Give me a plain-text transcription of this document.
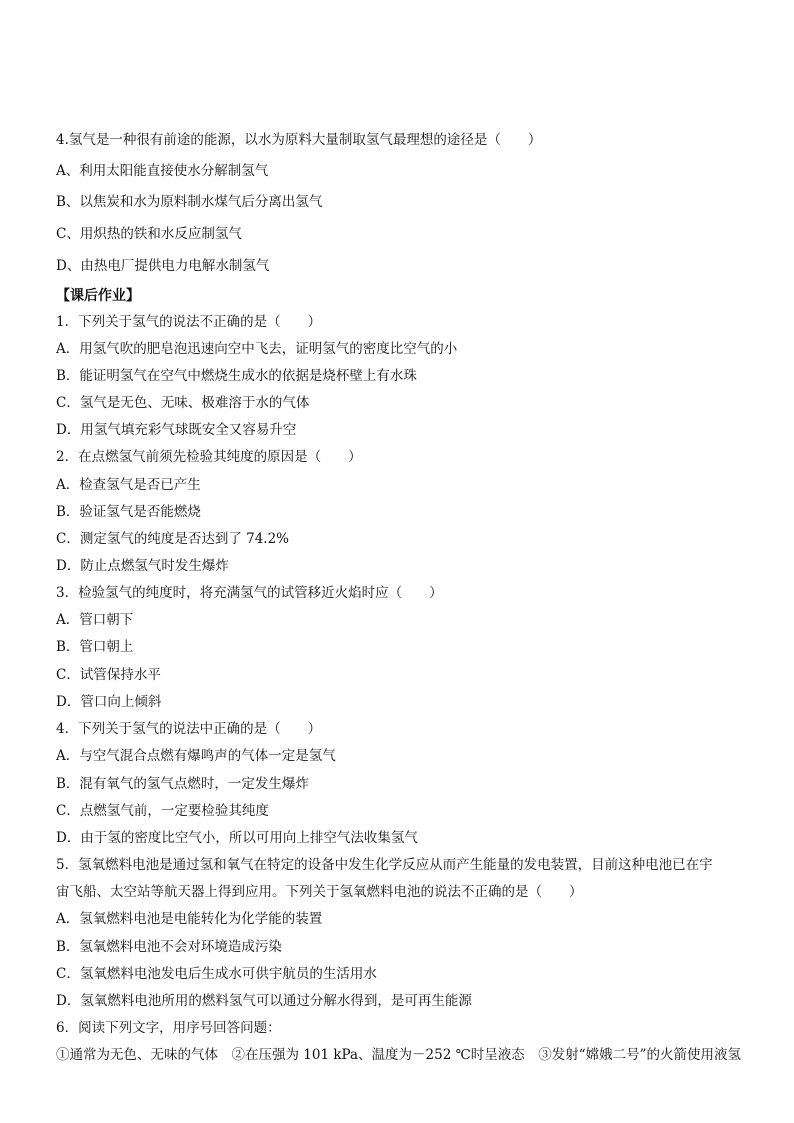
4.氢气是一种很有前途的能源，以水为原料大量制取氢气最理想的途径是（　　）
A、利用太阳能直接使水分解制氢气
B、以焦炭和水为原料制水煤气后分离出氢气
C、用炽热的铁和水反应制氢气
D、由热电厂提供电力电解水制氢气
【课后作业】
1．下列关于氢气的说法不正确的是（　　）
A．用氢气吹的肥皂泡迅速向空中飞去，证明氢气的密度比空气的小
B．能证明氢气在空气中燃烧生成水的依据是烧杯壁上有水珠
C．氢气是无色、无味、极难溶于水的气体
D．用氢气填充彩气球既安全又容易升空
2．在点燃氢气前须先检验其纯度的原因是（　　）
A．检查氢气是否已产生
B．验证氢气是否能燃烧
C．测定氢气的纯度是否达到了 74.2%
D．防止点燃氢气时发生爆炸
3．检验氢气的纯度时，将充满氢气的试管移近火焰时应（　　）
A．管口朝下
B．管口朝上
C．试管保持水平
D．管口向上倾斜
4．下列关于氢气的说法中正确的是（　　）
A．与空气混合点燃有爆鸣声的气体一定是氢气
B．混有氧气的氢气点燃时，一定发生爆炸
C．点燃氢气前，一定要检验其纯度
D．由于氢的密度比空气小，所以可用向上排空气法收集氢气
5．氢氧燃料电池是通过氢和氧气在特定的设备中发生化学反应从而产生能量的发电装置，目前这种电池已在宇
宙飞船、太空站等航天器上得到应用。下列关于氢氧燃料电池的说法不正确的是（　　）
A．氢氧燃料电池是电能转化为化学能的装置
B．氢氧燃料电池不会对环境造成污染
C．氢氧燃料电池发电后生成水可供宇航员的生活用水
D．氢氧燃料电池所用的燃料氢气可以通过分解水得到，是可再生能源
6．阅读下列文字，用序号回答问题：
①通常为无色、无味的气体　②在压强为 101 kPa、温度为－252 ℃时呈液态　③发射“嫦娥二号”的火箭使用液氢
